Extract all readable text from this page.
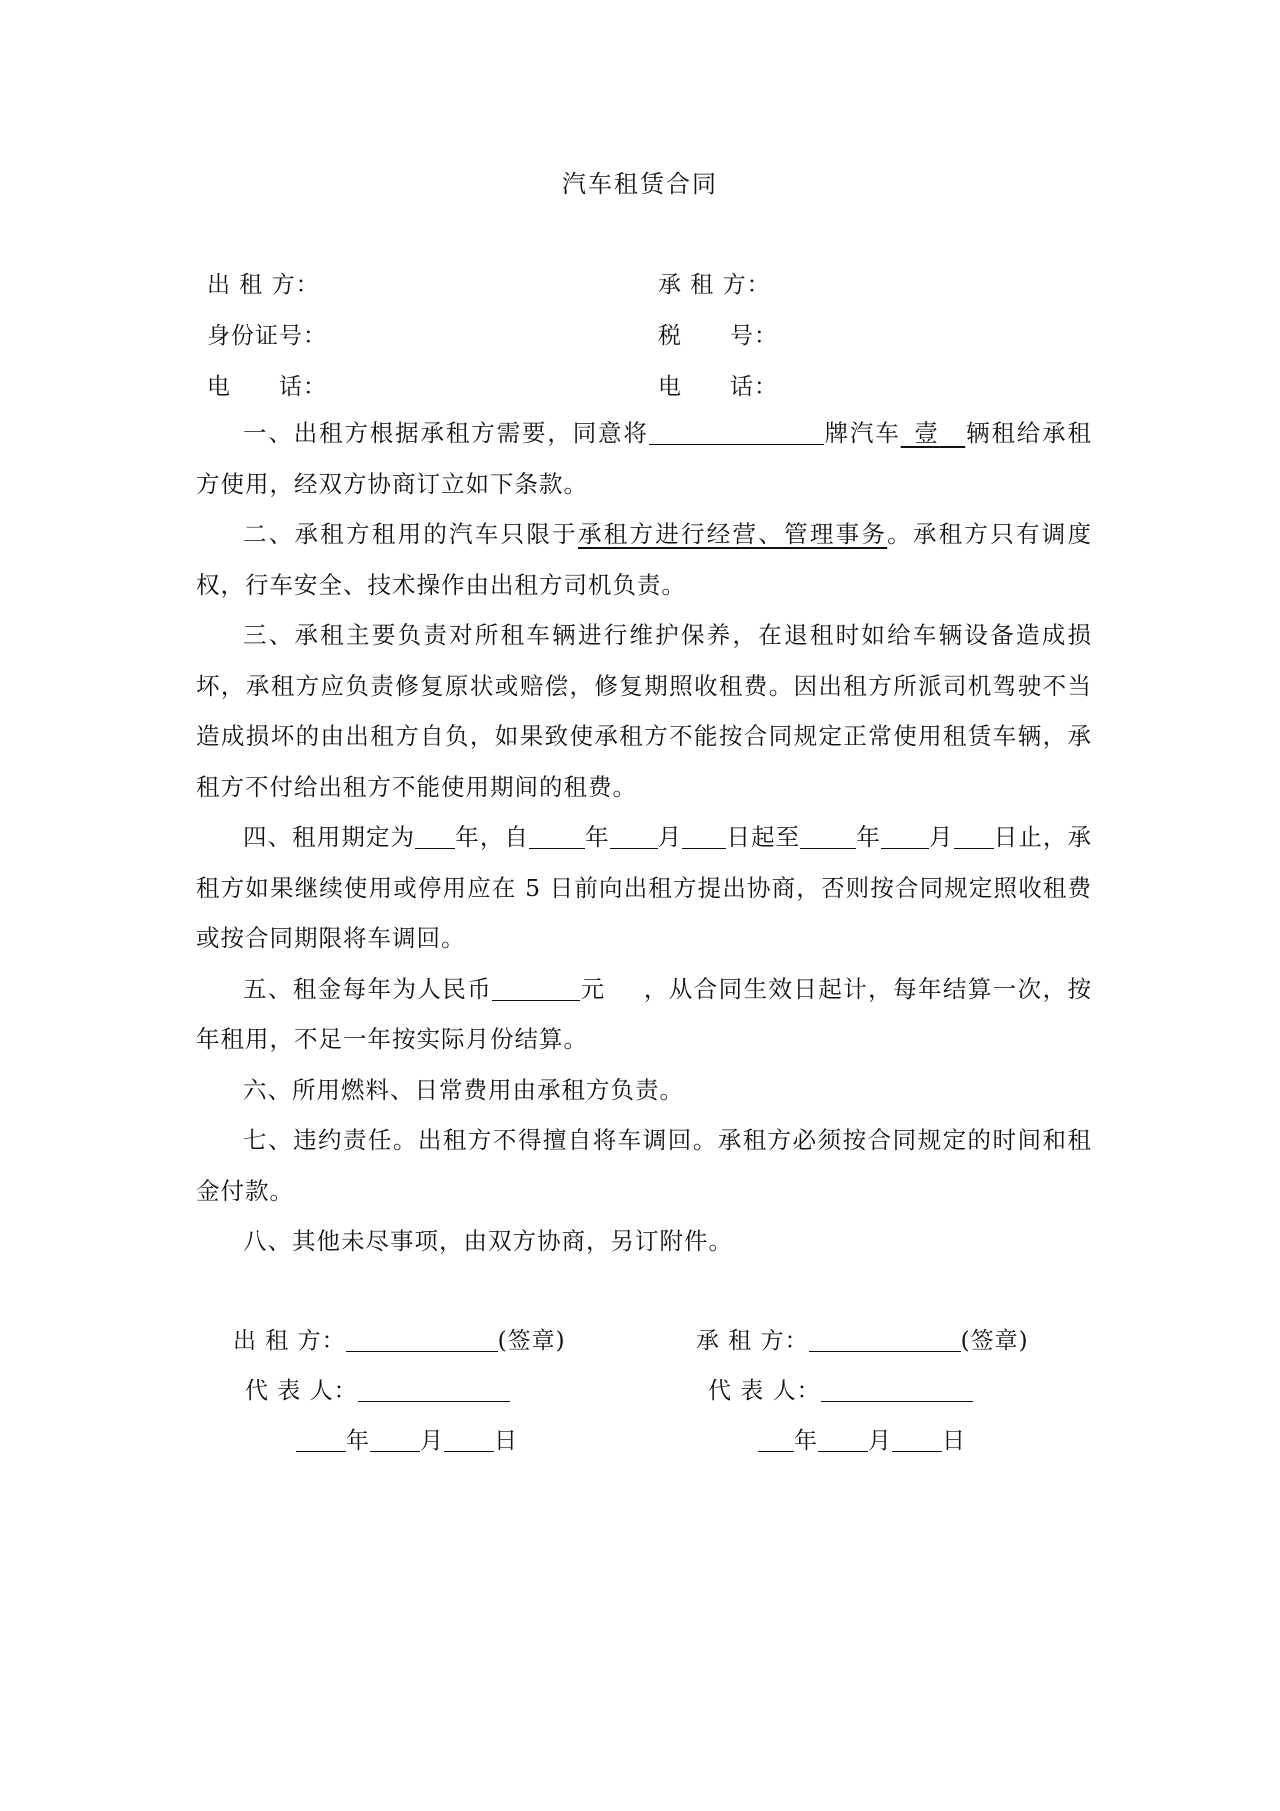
汽车租赁合同
出 租 方：	承 租 方：
身份证号：	税　　号：
电　　话：	电　　话：

一、出租方根据承租方需要，同意将	牌汽车  壹   辆租给承租方使用，经双方协商订立如下条款。

二、承租方租用的汽车只限于承租方进行经营、管理事务。承租方只有调度权，行车安全、技术操作由出租方司机负责。

三、承租主要负责对所租车辆进行维护保养，在退租时如给车辆设备造成损坏，承租方应负责修复原状或赔偿，修复期照收租费。因出租方所派司机驾驶不当造成损坏的由出租方自负，如果致使承租方不能按合同规定正常使用租赁车辆，承租方不付给出租方不能使用期间的租费。

四、租用期定为 年，自 年 月 日起至 年 月 日止，承租方如果继续使用或停用应在 5 日前向出租方提出协商，否则按合同规定照收租费或按合同期限将车调回。

五、租金每年为人民币	元 ，从合同生效日起计，每年结算一次，按年租用，不足一年按实际月份结算。

六、所用燃料、日常费用由承租方负责。

七、违约责任。出租方不得擅自将车调回。承租方必须按合同规定的时间和租金付款。

八、其他未尽事项，由双方协商，另订附件。

出 租 方：	(签章)	承 租 方：	(签章)
代 表 人：	代 表 人：
年 月 日	年 月 日
